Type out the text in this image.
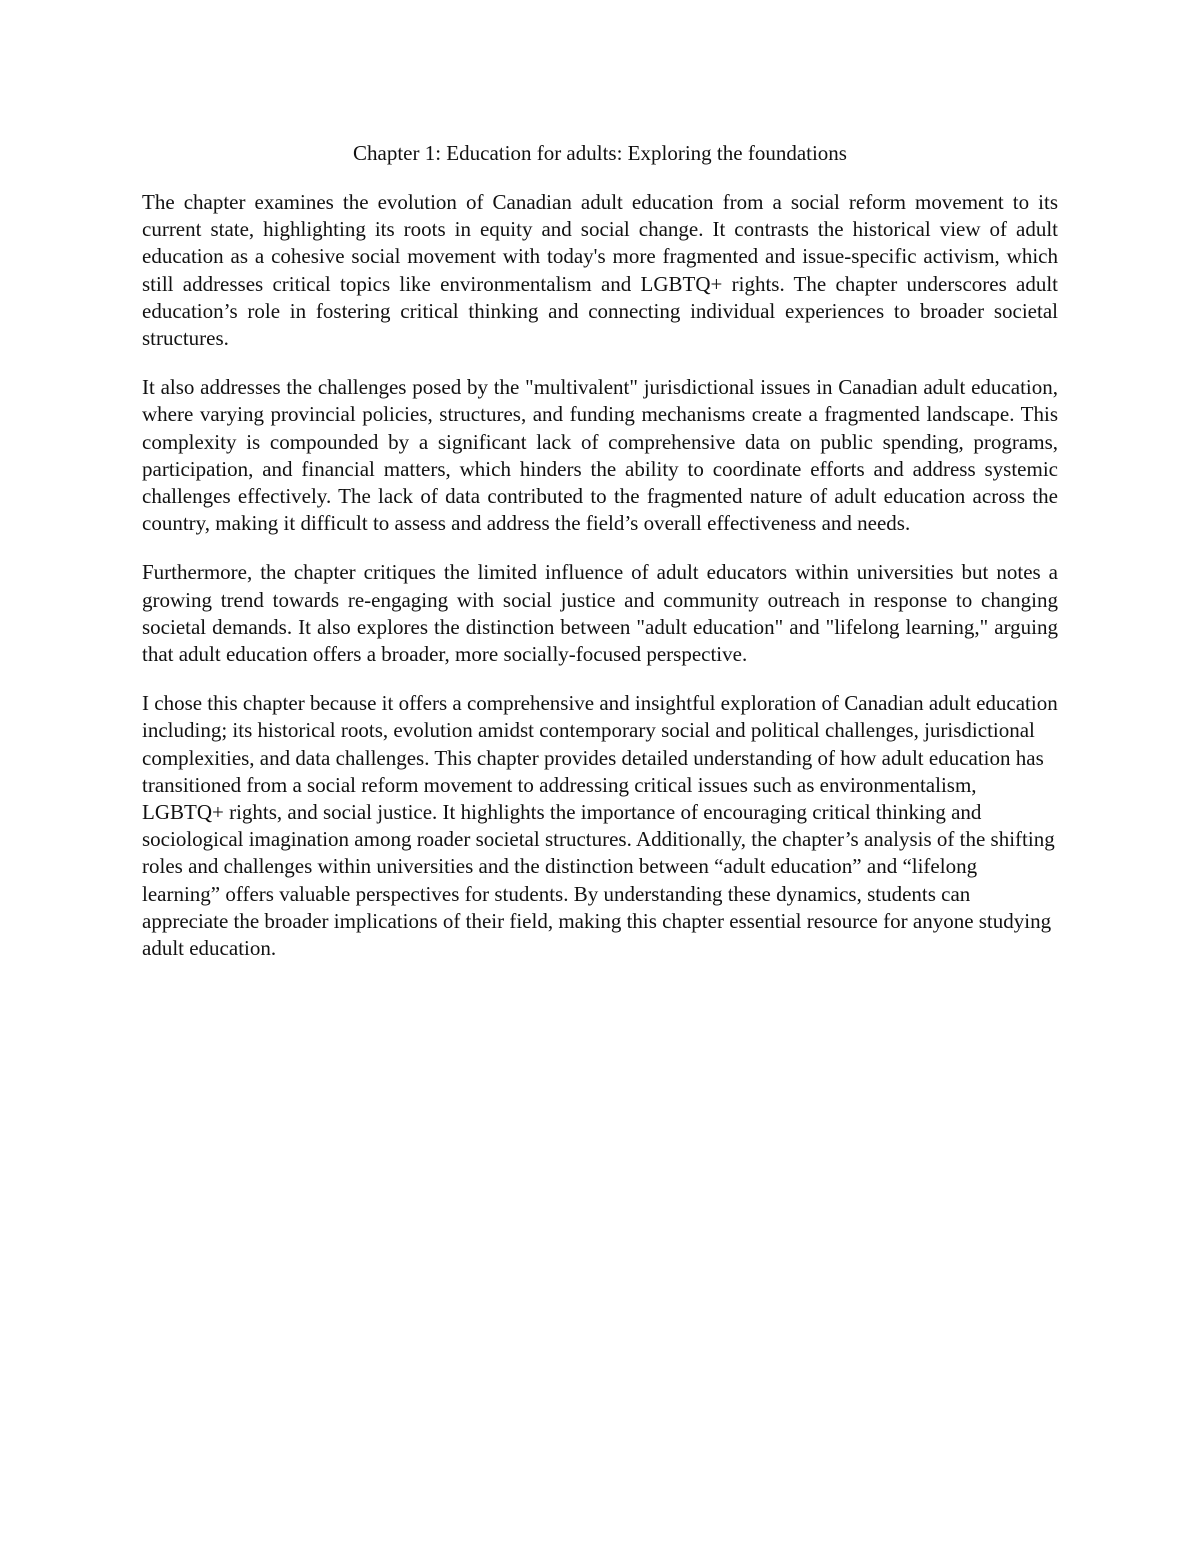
Chapter 1: Education for adults: Exploring the foundations

The chapter examines the evolution of Canadian adult education from a social reform movement to its current state, highlighting its roots in equity and social change. It contrasts the historical view of adult education as a cohesive social movement with today's more fragmented and issue-specific activism, which still addresses critical topics like environmentalism and LGBTQ+ rights. The chapter underscores adult education’s role in fostering critical thinking and connecting individual experiences to broader societal structures.

It also addresses the challenges posed by the "multivalent" jurisdictional issues in Canadian adult education, where varying provincial policies, structures, and funding mechanisms create a fragmented landscape. This complexity is compounded by a significant lack of comprehensive data on public spending, programs, participation, and financial matters, which hinders the ability to coordinate efforts and address systemic challenges effectively. The lack of data contributed to the fragmented nature of adult education across the country, making it difficult to assess and address the field’s overall effectiveness and needs.

Furthermore, the chapter critiques the limited influence of adult educators within universities but notes a growing trend towards re-engaging with social justice and community outreach in response to changing societal demands. It also explores the distinction between "adult education" and "lifelong learning," arguing that adult education offers a broader, more socially-focused perspective.

I chose this chapter because it offers a comprehensive and insightful exploration of Canadian adult education including; its historical roots, evolution amidst contemporary social and political challenges, jurisdictional complexities, and data challenges. This chapter provides detailed understanding of how adult education has transitioned from a social reform movement to addressing critical issues such as environmentalism, LGBTQ+ rights, and social justice. It highlights the importance of encouraging critical thinking and sociological imagination among roader societal structures. Additionally, the chapter’s analysis of the shifting roles and challenges within universities and the distinction between “adult education” and “lifelong learning” offers valuable perspectives for students. By understanding these dynamics, students can appreciate the broader implications of their field, making this chapter essential resource for anyone studying adult education.
